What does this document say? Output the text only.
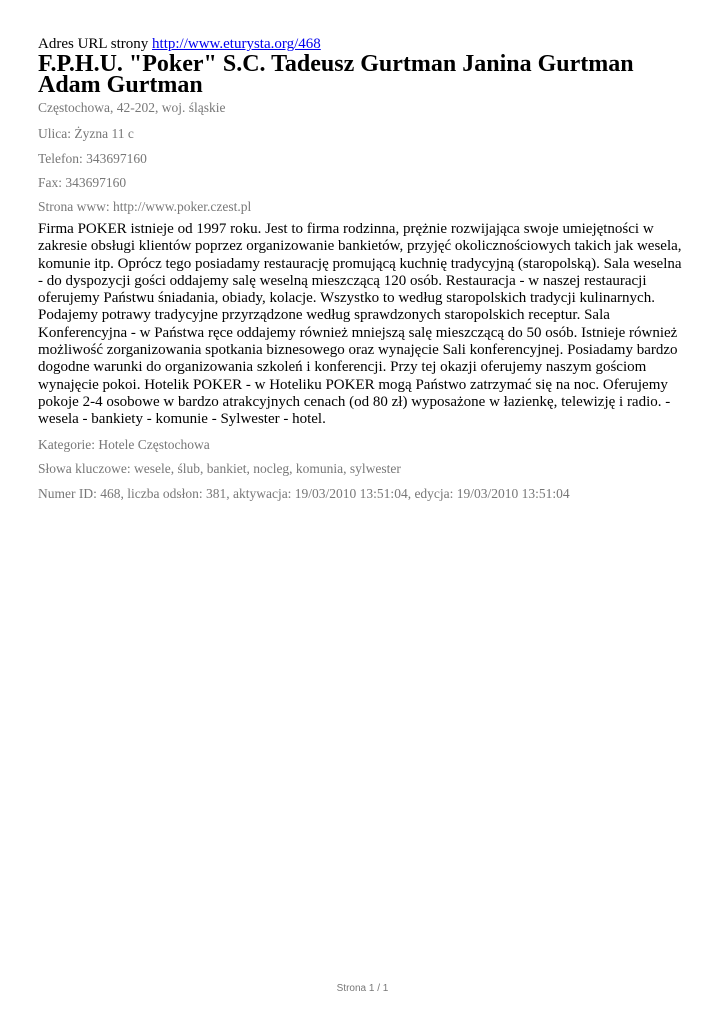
Adres URL strony http://www.eturysta.org/468
F.P.H.U. "Poker" S.C. Tadeusz Gurtman Janina Gurtman Adam Gurtman
Częstochowa, 42-202, woj. śląskie
Ulica: Żyzna 11 c
Telefon: 343697160
Fax: 343697160
Strona www: http://www.poker.czest.pl

Firma POKER istnieje od 1997 roku. Jest to firma rodzinna, prężnie rozwijająca swoje umiejętności w zakresie obsługi klientów poprzez organizowanie bankietów, przyjęć okolicznościowych takich jak wesela, komunie itp. Oprócz tego posiadamy restaurację promującą kuchnię tradycyjną (staropolską). Sala weselna - do dyspozycji gości oddajemy salę weselną mieszczącą 120 osób. Restauracja - w naszej restauracji oferujemy Państwu śniadania, obiady, kolacje. Wszystko to według staropolskich tradycji kulinarnych. Podajemy potrawy tradycyjne przyrządzone według sprawdzonych staropolskich receptur. Sala Konferencyjna - w Państwa ręce oddajemy również mniejszą salę mieszczącą do 50 osób. Istnieje również możliwość zorganizowania spotkania biznesowego oraz wynajęcie Sali konferencyjnej. Posiadamy bardzo dogodne warunki do organizowania szkoleń i konferencji. Przy tej okazji oferujemy naszym gościom wynajęcie pokoi. Hotelik POKER - w Hoteliku POKER mogą Państwo zatrzymać się na noc. Oferujemy pokoje 2-4 osobowe w bardzo atrakcyjnych cenach (od 80 zł) wyposażone w łazienkę, telewizję i radio. - wesela - bankiety - komunie - Sylwester - hotel.

Kategorie: Hotele Częstochowa
Słowa kluczowe: wesele, ślub, bankiet, nocleg, komunia, sylwester
Numer ID: 468, liczba odsłon: 381, aktywacja: 19/03/2010 13:51:04, edycja: 19/03/2010 13:51:04
Strona 1 / 1
